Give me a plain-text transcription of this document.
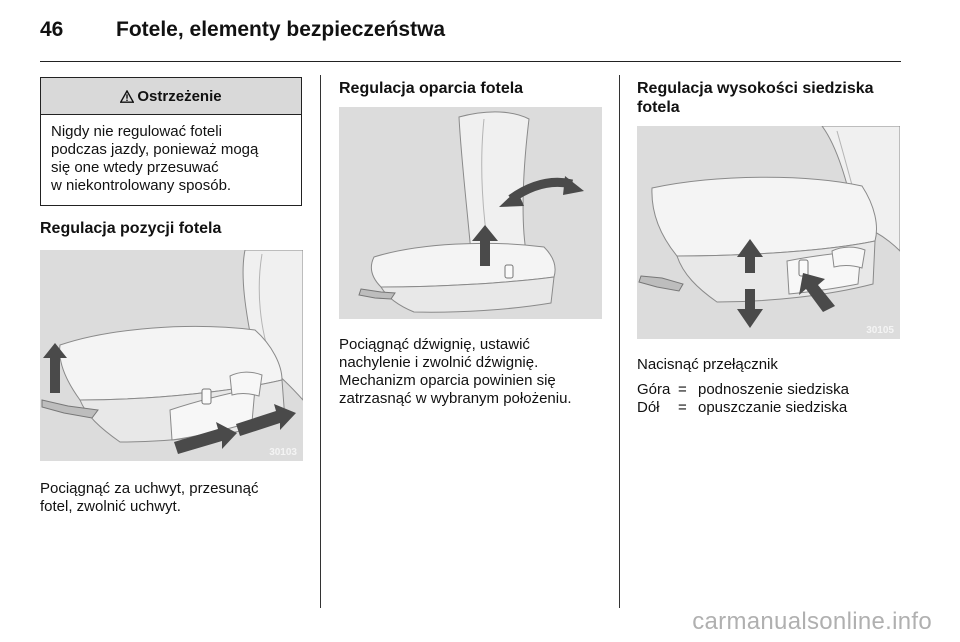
46	Fotele, elementy bezpieczeństwa
Ostrzeżenie
Nigdy nie regulować foteli
podczas jazdy, ponieważ mogą
się one wtedy przesuwać
w niekontrolowany sposób.
Regulacja pozycji fotela
30103
Pociągnąć za uchwyt, przesunąć
fotel, zwolnić uchwyt.
Regulacja oparcia fotela
Pociągnąć dźwignię, ustawić
nachylenie i zwolnić dźwignię.
Mechanizm oparcia powinien się
zatrzasnąć w wybranym położeniu.
Regulacja wysokości siedziska
fotela
30105

Nacisnąć przełącznik

Góra	=	podnoszenie siedziska
Dół	=	opuszczanie siedziska
carmanualsonline.info
